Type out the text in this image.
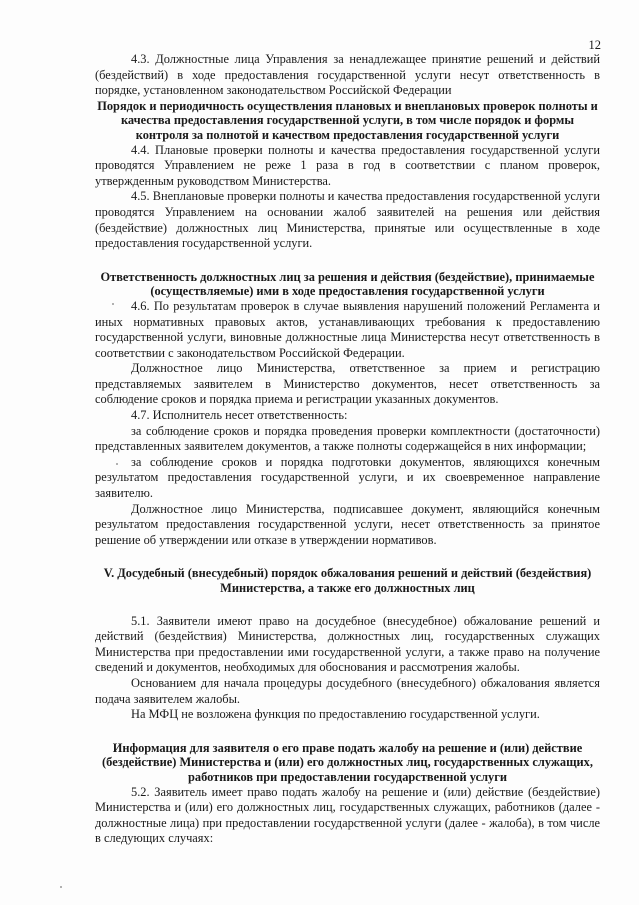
12

4.3. Должностные лица Управления за ненадлежащее принятие решений и действий (бездействий) в ходе предоставления государственной услуги несут ответственность в порядке, установленном законодательством Российской Федерации

Порядок и периодичность осуществления плановых и внеплановых проверок полноты и качества предоставления государственной услуги, в том числе порядок и формы контроля за полнотой и качеством предоставления государственной услуги

4.4. Плановые проверки полноты и качества предоставления государственной услуги проводятся Управлением не реже 1 раза в год в соответствии с планом проверок, утвержденным руководством Министерства.

4.5. Внеплановые проверки полноты и качества предоставления государственной услуги проводятся Управлением на основании жалоб заявителей на решения или действия (бездействие) должностных лиц Министерства, принятые или осуществленные в ходе предоставления государственной услуги.

Ответственность должностных лиц за решения и действия (бездействие), принимаемые (осуществляемые) ими в ходе предоставления государственной услуги

4.6. По результатам проверок в случае выявления нарушений положений Регламента и иных нормативных правовых актов, устанавливающих требования к предоставлению государственной услуги, виновные должностные лица Министерства несут ответственность в соответствии с законодательством Российской Федерации.

Должностное лицо Министерства, ответственное за прием и регистрацию представляемых заявителем в Министерство документов, несет ответственность за соблюдение сроков и порядка приема и регистрации указанных документов.

4.7. Исполнитель несет ответственность:

за соблюдение сроков и порядка проведения проверки комплектности (достаточности) представленных заявителем документов, а также полноты содержащейся в них информации;

за соблюдение сроков и порядка подготовки документов, являющихся конечным результатом предоставления государственной услуги, и их своевременное направление заявителю.

Должностное лицо Министерства, подписавшее документ, являющийся конечным результатом предоставления государственной услуги, несет ответственность за принятое решение об утверждении или отказе в утверждении нормативов.

V. Досудебный (внесудебный) порядок обжалования решений и действий (бездействия) Министерства, а также его должностных лиц

5.1. Заявители имеют право на досудебное (внесудебное) обжалование решений и действий (бездействия) Министерства, должностных лиц, государственных служащих Министерства при предоставлении ими государственной услуги, а также право на получение сведений и документов, необходимых для обоснования и рассмотрения жалобы.

Основанием для начала процедуры досудебного (внесудебного) обжалования является подача заявителем жалобы.

На МФЦ не возложена функция по предоставлению государственной услуги.

Информация для заявителя о его праве подать жалобу на решение и (или) действие (бездействие) Министерства и (или) его должностных лиц, государственных служащих, работников при предоставлении государственной услуги

5.2. Заявитель имеет право подать жалобу на решение и (или) действие (бездействие) Министерства и (или) его должностных лиц, государственных служащих, работников (далее - должностные лица) при предоставлении государственной услуги (далее - жалоба), в том числе в следующих случаях:
